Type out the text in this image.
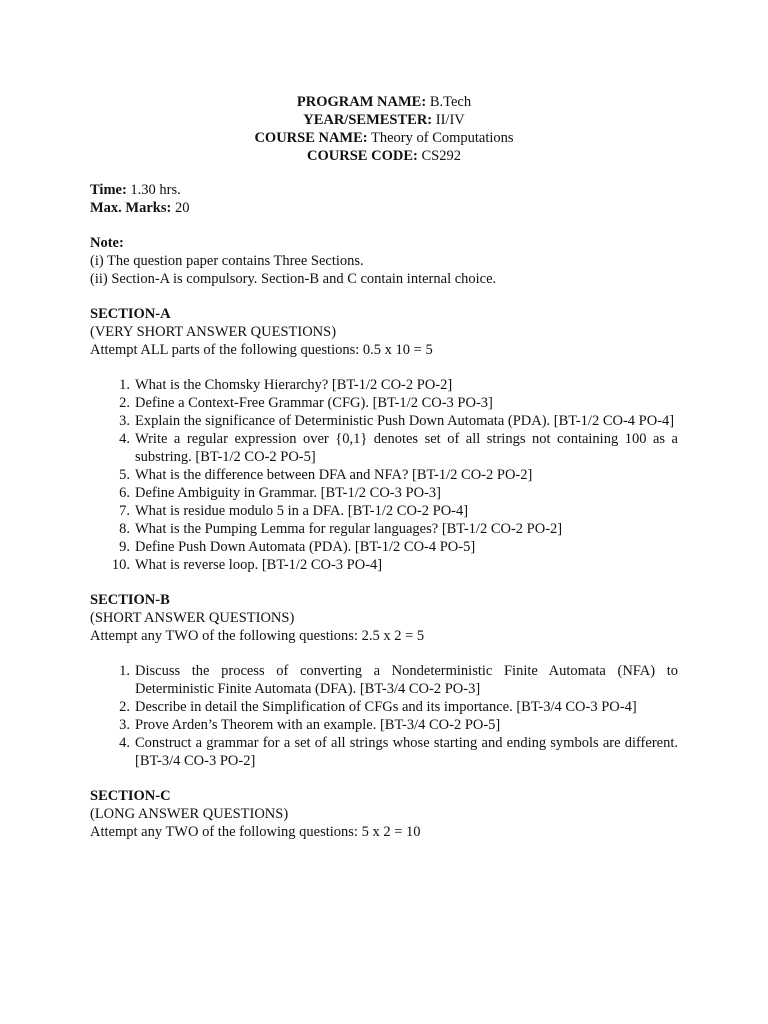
PROGRAM NAME: B.Tech
YEAR/SEMESTER: II/IV
COURSE NAME: Theory of Computations
COURSE CODE: CS292
Time: 1.30 hrs.
Max. Marks: 20
Note:
(i) The question paper contains Three Sections.
(ii) Section-A is compulsory. Section-B and C contain internal choice.
SECTION-A
(VERY SHORT ANSWER QUESTIONS)
Attempt ALL parts of the following questions: 0.5 x 10 = 5
1. What is the Chomsky Hierarchy? [BT-1/2 CO-2 PO-2]
2. Define a Context-Free Grammar (CFG). [BT-1/2 CO-3 PO-3]
3. Explain the significance of Deterministic Push Down Automata (PDA). [BT-1/2 CO-4 PO-4]
4. Write a regular expression over {0,1} denotes set of all strings not containing 100 as a substring. [BT-1/2 CO-2 PO-5]
5. What is the difference between DFA and NFA? [BT-1/2 CO-2 PO-2]
6. Define Ambiguity in Grammar. [BT-1/2 CO-3 PO-3]
7. What is residue modulo 5 in a DFA. [BT-1/2 CO-2 PO-4]
8. What is the Pumping Lemma for regular languages? [BT-1/2 CO-2 PO-2]
9. Define Push Down Automata (PDA). [BT-1/2 CO-4 PO-5]
10. What is reverse loop. [BT-1/2 CO-3 PO-4]
SECTION-B
(SHORT ANSWER QUESTIONS)
Attempt any TWO of the following questions: 2.5 x 2 = 5
1. Discuss the process of converting a Nondeterministic Finite Automata (NFA) to Deterministic Finite Automata (DFA). [BT-3/4 CO-2 PO-3]
2. Describe in detail the Simplification of CFGs and its importance. [BT-3/4 CO-3 PO-4]
3. Prove Arden’s Theorem with an example. [BT-3/4 CO-2 PO-5]
4. Construct a grammar for a set of all strings whose starting and ending symbols are different. [BT-3/4 CO-3 PO-2]
SECTION-C
(LONG ANSWER QUESTIONS)
Attempt any TWO of the following questions: 5 x 2 = 10
